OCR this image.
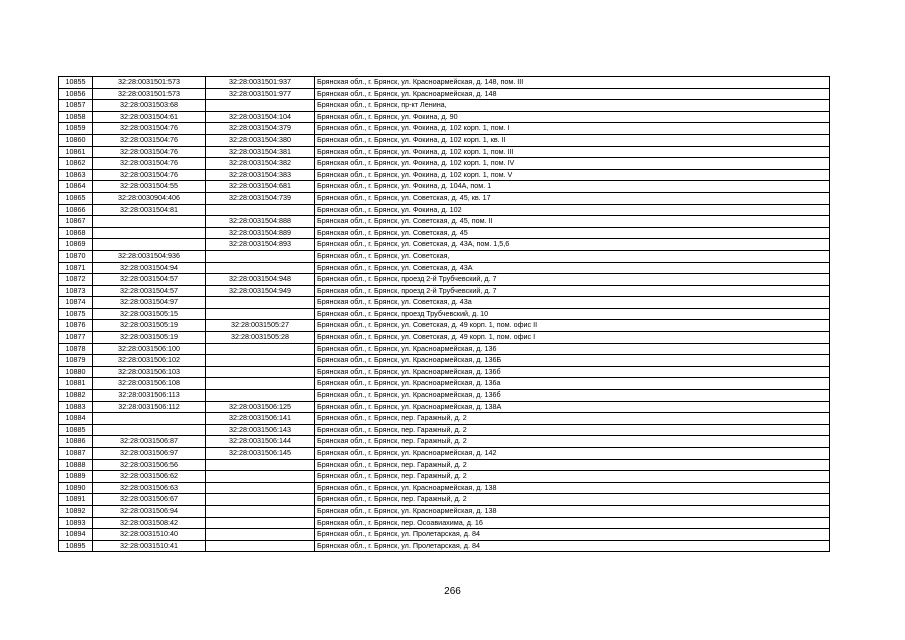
10855	32:28:0031501:573	32:28:0031501:937	Брянская обл., г. Брянск, ул. Красноармейская, д. 148, пом. III
10856	32:28:0031501:573	32:28:0031501:977	Брянская обл., г. Брянск, ул. Красноармейская, д. 148
10857	32:28:0031503:68		Брянская обл., г. Брянск, пр-кт Ленина,
10858	32:28:0031504:61	32:28:0031504:104	Брянская обл., г. Брянск, ул. Фокина, д. 90
10859	32:28:0031504:76	32:28:0031504:379	Брянская обл., г. Брянск, ул. Фокина, д. 102 корп. 1, пом. I
10860	32:28:0031504:76	32:28:0031504:380	Брянская обл., г. Брянск, ул. Фокина, д. 102 корп. 1, кв. II
10861	32:28:0031504:76	32:28:0031504:381	Брянская обл., г. Брянск, ул. Фокина, д. 102 корп. 1, пом. III
10862	32:28:0031504:76	32:28:0031504:382	Брянская обл., г. Брянск, ул. Фокина, д. 102 корп. 1, пом. IV
10863	32:28:0031504:76	32:28:0031504:383	Брянская обл., г. Брянск, ул. Фокина, д. 102 корп. 1, пом. V
10864	32:28:0031504:55	32:28:0031504:681	Брянская обл., г. Брянск, ул. Фокина, д. 104А, пом. 1
10865	32:28:0030904:406	32:28:0031504:739	Брянская обл., г. Брянск, ул. Советская, д. 45, кв. 17
10866	32:28:0031504:81		Брянская обл., г. Брянск, ул. Фокина, д. 102
10867		32:28:0031504:888	Брянская обл., г. Брянск, ул. Советская, д. 45, пом. II
10868		32:28:0031504:889	Брянская обл., г. Брянск, ул. Советская, д. 45
10869		32:28:0031504:893	Брянская обл., г. Брянск, ул. Советская, д. 43А, пом. 1,5,6
10870	32:28:0031504:936		Брянская обл., г. Брянск, ул. Советская,
10871	32:28:0031504:94		Брянская обл., г. Брянск, ул. Советская, д. 43А
10872	32:28:0031504:57	32:28:0031504:948	Брянская обл., г. Брянск, проезд 2-й Трубчевский, д. 7
10873	32:28:0031504:57	32:28:0031504:949	Брянская обл., г. Брянск, проезд 2-й Трубчевский, д. 7
10874	32:28:0031504:97		Брянская обл., г. Брянск, ул. Советская, д. 43а
10875	32:28:0031505:15		Брянская обл., г. Брянск, проезд Трубчевский, д. 10
10876	32:28:0031505:19	32:28:0031505:27	Брянская обл., г. Брянск, ул. Советская, д. 49 корп. 1, пом. офис II
10877	32:28:0031505:19	32:28:0031505:28	Брянская обл., г. Брянск, ул. Советская, д. 49 корп. 1, пом. офис I
10878	32:28:0031506:100		Брянская обл., г. Брянск, ул. Красноармейская, д. 136
10879	32:28:0031506:102		Брянская обл., г. Брянск, ул. Красноармейская, д. 136Б
10880	32:28:0031506:103		Брянская обл., г. Брянск, ул. Красноармейская, д. 136б
10881	32:28:0031506:108		Брянская обл., г. Брянск, ул. Красноармейская, д. 136а
10882	32:28:0031506:113		Брянская обл., г. Брянск, ул. Красноармейская, д. 136б
10883	32:28:0031506:112	32:28:0031506:125	Брянская обл., г. Брянск, ул. Красноармейская, д. 138А
10884		32:28:0031506:141	Брянская обл., г. Брянск, пер. Гаражный, д. 2
10885		32:28:0031506:143	Брянская обл., г. Брянск, пер. Гаражный, д. 2
10886	32:28:0031506:87	32:28:0031506:144	Брянская обл., г. Брянск, пер. Гаражный, д. 2
10887	32:28:0031506:97	32:28:0031506:145	Брянская обл., г. Брянск, ул. Красноармейская, д. 142
10888	32:28:0031506:56		Брянская обл., г. Брянск, пер. Гаражный, д. 2
10889	32:28:0031506:62		Брянская обл., г. Брянск, пер. Гаражный, д. 2
10890	32:28:0031506:63		Брянская обл., г. Брянск, ул. Красноармейская, д. 138
10891	32:28:0031506:67		Брянская обл., г. Брянск, пер. Гаражный, д. 2
10892	32:28:0031506:94		Брянская обл., г. Брянск, ул. Красноармейская, д. 138
10893	32:28:0031508:42		Брянская обл., г. Брянск, пер. Осоавиахима, д. 16
10894	32:28:0031510:40		Брянская обл., г. Брянск, ул. Пролетарская, д. 84
10895	32:28:0031510:41		Брянская обл., г. Брянск, ул. Пролетарская, д. 84
266
